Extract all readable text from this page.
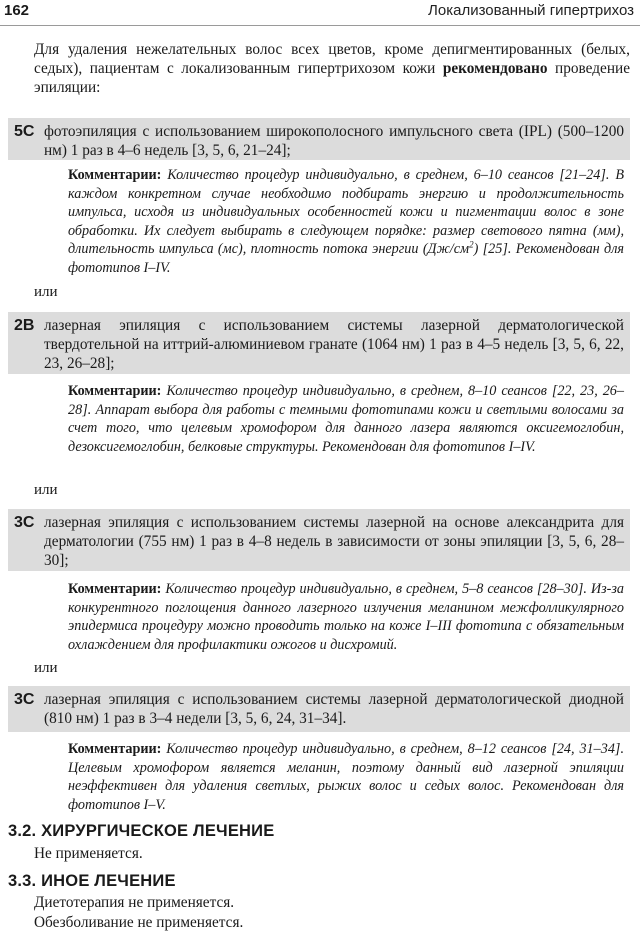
162	Локализованный гипертрихоз

Для удаления нежелательных волос всех цветов, кроме депигментированных (белых, седых), пациентам с локализованным гипертрихозом кожи рекомендовано проведение эпиляции:

5С фотоэпиляция с использованием широкополосного импульсного света (IPL) (500–1200 нм) 1 раз в 4–6 недель [3, 5, 6, 21–24];

Комментарии: Количество процедур индивидуально, в среднем, 6–10 сеансов [21–24]. В каждом конкретном случае необходимо подбирать энергию и продолжительность импульса, исходя из индивидуальных особенностей кожи и пигментации волос в зоне обработки. Их следует выбирать в следующем порядке: размер светового пятна (мм), длительность импульса (мс), плотность потока энергии $(Дж/см^2)$ [25]. Рекомендован для фототипов I–IV.

или
2В лазерная эпиляция с использованием системы лазерной дерматологической твердотельной на иттрий-алюминиевом гранате (1064 нм) 1 раз в 4–5 недель [3, 5, 6, 22, 23, 26–28];

Комментарии: Количество процедур индивидуально, в среднем, 8–10 сеансов [22, 23, 26–28]. Аппарат выбора для работы с темными фототипами кожи и светлыми волосами за счет того, что целевым хромофором для данного лазера являются оксигемоглобин, дезоксигемоглобин, белковые структуры. Рекомендован для фототипов I–IV.

или
3С лазерная эпиляция с использованием системы лазерной на основе александрита для дерматологии (755 нм) 1 раз в 4–8 недель в зависимости от зоны эпиляции [3, 5, 6, 28–30];

Комментарии: Количество процедур индивидуально, в среднем, 5–8 сеансов [28–30]. Из-за конкурентного поглощения данного лазерного излучения меланином межфолликулярного эпидермиса процедуру можно проводить только на коже I–III фототипа с обязательным охлаждением для профилактики ожогов и дисхромий.

или
3С лазерная эпиляция с использованием системы лазерной дерматологической диодной (810 нм) 1 раз в 3–4 недели [3, 5, 6, 24, 31–34].

Комментарии: Количество процедур индивидуально, в среднем, 8–12 сеансов [24, 31–34]. Целевым хромофором является меланин, поэтому данный вид лазерной эпиляции неэффективен для удаления светлых, рыжих волос и седых волос. Рекомендован для фототипов I–V.

3.2. ХИРУРГИЧЕСКОЕ ЛЕЧЕНИЕ
Не применяется.
3.3. ИНОЕ ЛЕЧЕНИЕ
Диетотерапия не применяется.
Обезболивание не применяется.
